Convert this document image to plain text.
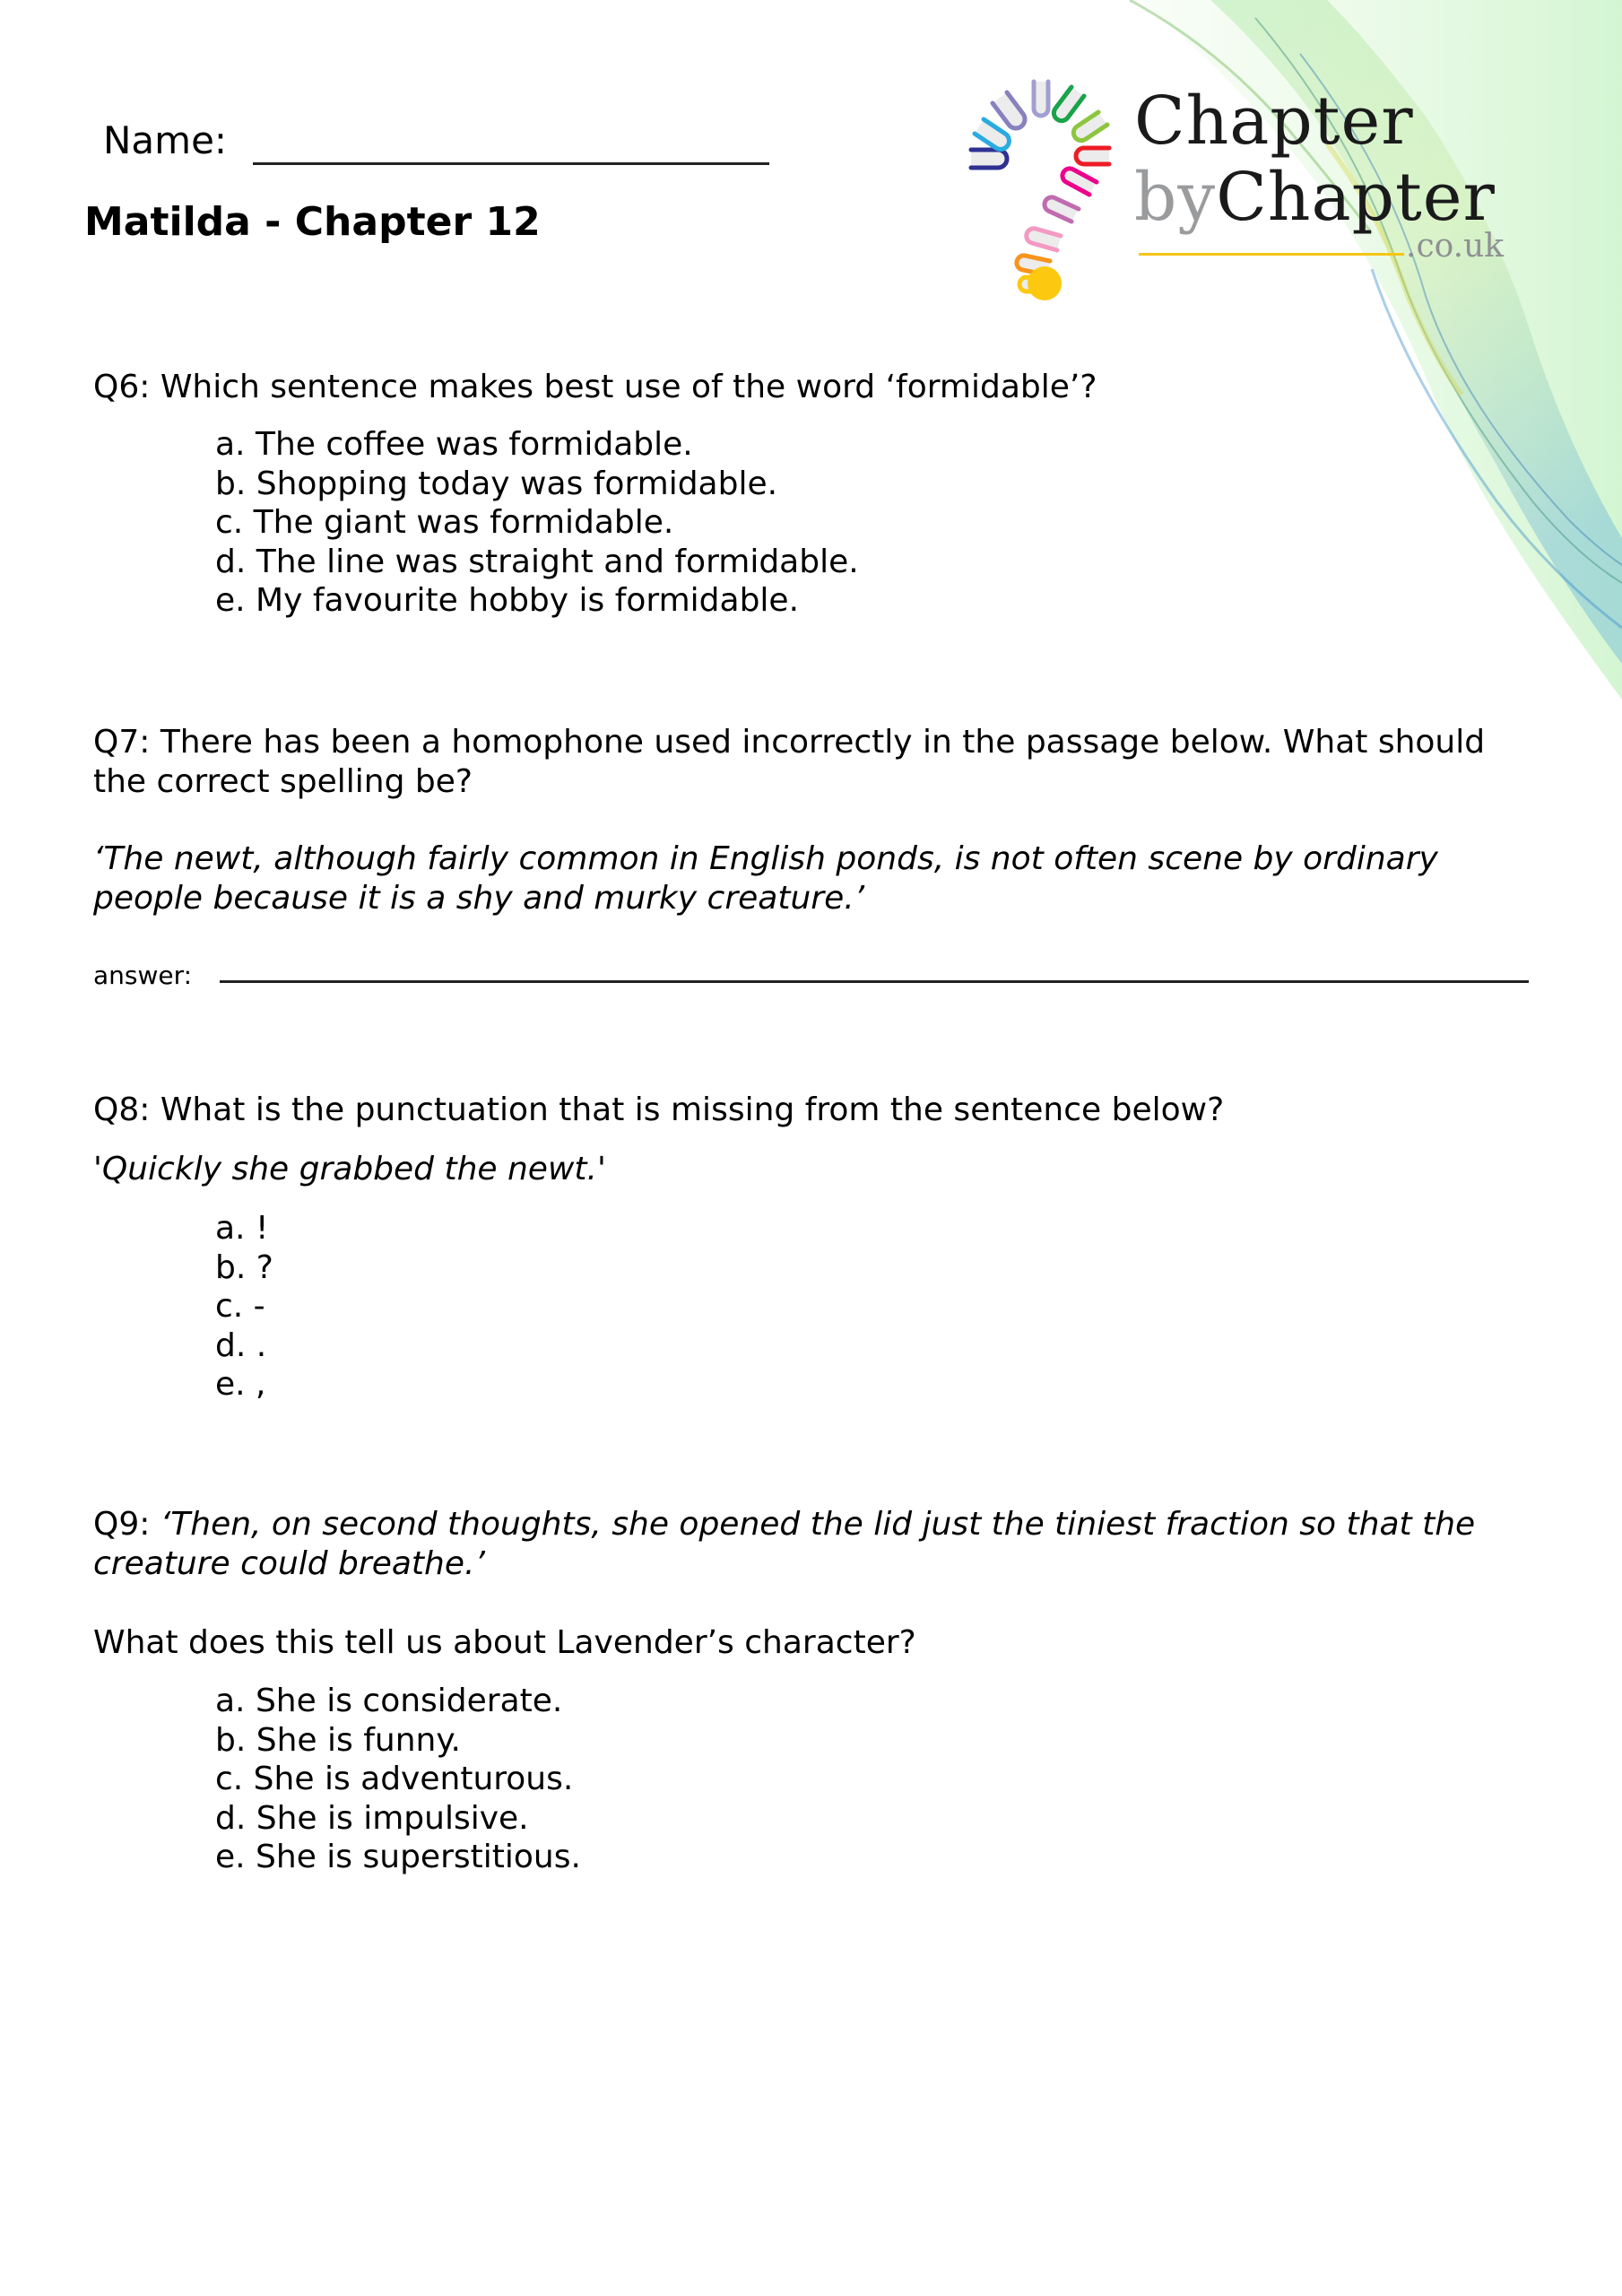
Name:
Matilda - Chapter 12
Chapter
byChapter
.co.uk
Q6: Which sentence makes best use of the word ‘formidable’?
a. The coffee was formidable.
b. Shopping today was formidable.
c. The giant was formidable.
d. The line was straight and formidable.
e. My favourite hobby is formidable.
Q7: There has been a homophone used incorrectly in the passage below. What should the correct spelling be?
‘The newt, although fairly common in English ponds, is not often scene by ordinary people because it is a shy and murky creature.’
answer:
Q8: What is the punctuation that is missing from the sentence below?
'Quickly she grabbed the newt.'
a. !
b. ?
c. -
d. .
e. ,
Q9: ‘Then, on second thoughts, she opened the lid just the tiniest fraction so that the creature could breathe.’
What does this tell us about Lavender’s character?
a. She is considerate.
b. She is funny.
c. She is adventurous.
d. She is impulsive.
e. She is superstitious.
